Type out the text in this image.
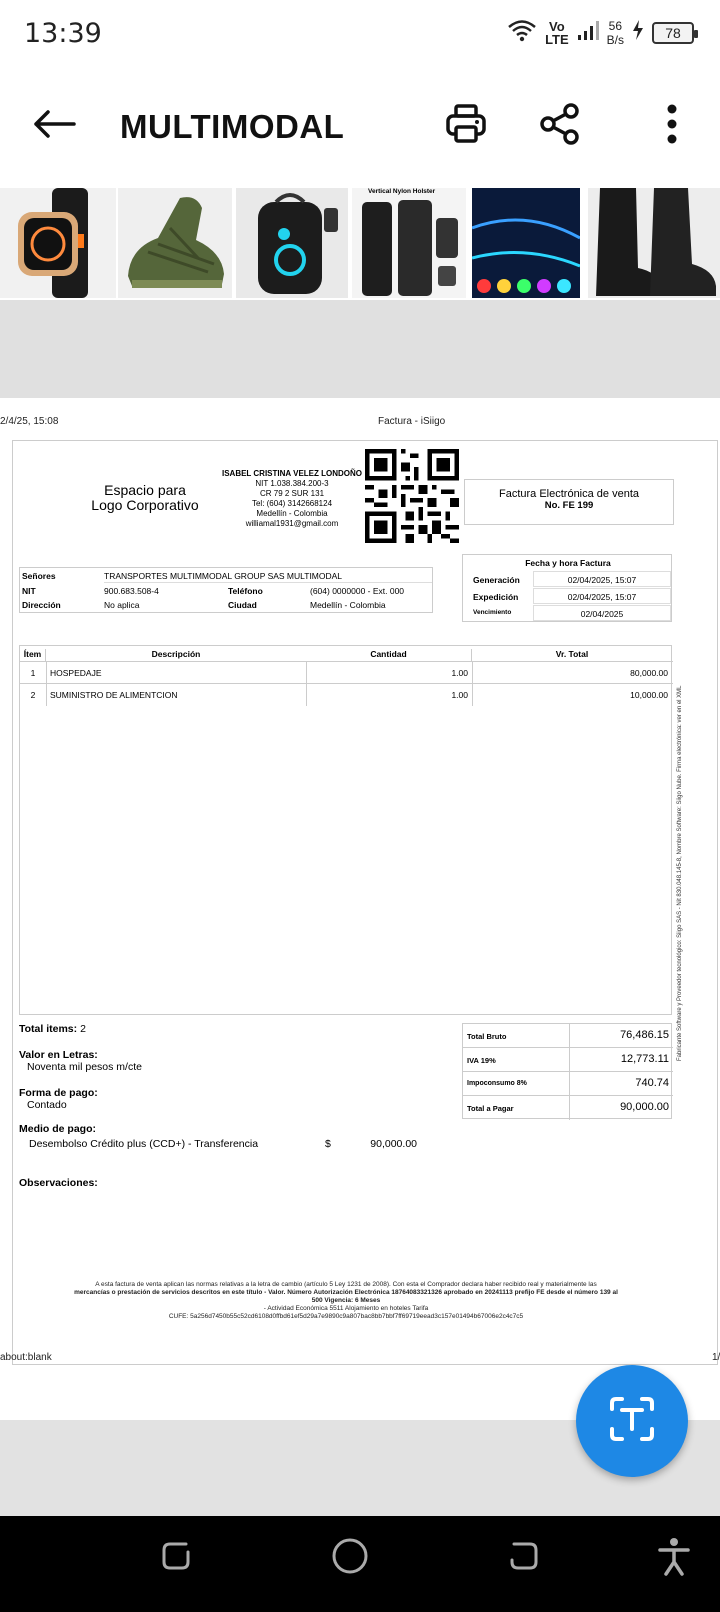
13:39	Vo
LTE
56
B/s	78
MULTIMODAL
Vertical Nylon Holster
2/4/25, 15:08	Factura - iSiigo
Espacio para
Logo Corporativo
ISABEL CRISTINA VELEZ LONDOÑO
NIT 1.038.384.200-3
CR 79 2 SUR 131
Tel: (604) 3142668124
Medellín - Colombia
williamal1931@gmail.com
Factura Electrónica de venta
No. FE 199
Señores	TRANSPORTES MULTIMMODAL GROUP SAS MULTIMODAL
NIT	900.683.508-4	Teléfono	(604) 0000000 - Ext. 000
Dirección	No aplica	Ciudad	Medellín - Colombia
Fecha y hora Factura
Generación	02/04/2025, 15:07
Expedición	02/04/2025, 15:07
Vencimiento	02/04/2025
Ítem	Descripción	Cantidad	Vr. Total
1	HOSPEDAJE	1.00	80,000.00
2	SUMINISTRO DE ALIMENTCION	1.00	10,000.00 Fabricante Software y Proveedor tecnológico: Siigo SAS - Nit 830.048.145-8, Nombre Software: Siigo Nube. Firma electrónica: ver en el XML
Total items: 2
Valor en Letras:
Noventa mil pesos m/cte
Forma de pago:
Contado
Medio de pago:
Desembolso Crédito plus (CCD+) - Transferencia	$	90,000.00
Observaciones:
Total Bruto	76,486.15
IVA 19%	12,773.11
Impoconsumo 8%	740.74
Total a Pagar	90,000.00
A esta factura de venta aplican las normas relativas a la letra de cambio (artículo 5 Ley 1231 de 2008). Con esta el Comprador declara haber recibido real y materialmente las
mercancías o prestación de servicios descritos en este título - Valor. Número Autorización Electrónica 18764083321326 aprobado en 20241113 prefijo FE desde el número 139 al
500 Vigencia: 6 Meses
- Actividad Económica 5511 Alojamiento en hoteles Tarifa
CUFE: 5a256d7450b55c52cd6108d0ffbd61ef5d29a7e9890c9a807bac8bb7bbf7ff69719eead3c157e01494b67006e2c4c7c5
about:blank	1/
